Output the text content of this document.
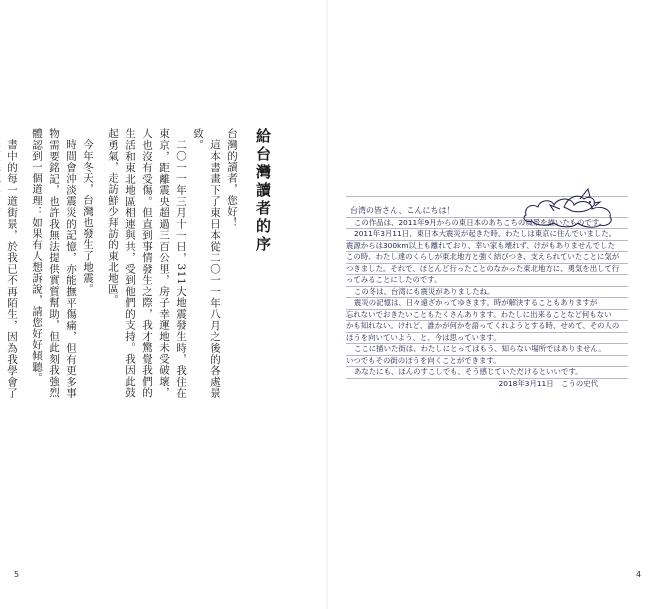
給台灣讀者的序

台灣的讀者，您好！

這本書畫下了東日本從二〇一一年八月之後的各處景致。

二〇一一年三月十一日，311大地震發生時，我住在東京，距離震央超過三百公里，房子幸運地未受破壞，人也沒有受傷。但直到事情發生之際，我才驚覺我們的生活和東北地區相連與共，受到他們的支持。我因此鼓起勇氣，走訪鮮少拜訪的東北地區。

今年冬天，台灣也發生了地震。

時間會沖淡震災的記憶，亦能撫平傷痛，但有更多事物需要銘記，也許我無法提供實質幫助，但此刻我強烈體認到一個道理：如果有人想訴說，請您好好傾聽。

書中的每一道街景，於我已不再陌生，因為我學會了

5
台湾の皆さん、こんにちは！
この作品は、2011年9月からの東日本のあちこちの風景を描いたものです。
2011年3月11日、東日本大震災が起きた時、わたしは東京に住んでいました。
震源からは300km以上も離れており、幸い家も壊れず、けがもありませんでした
この時、わたし達のくらしが東北地方と強く結びつき、支えられていたことに気が
つきました。それで、ほとんど行ったことのなかった東北地方に、勇気を出して行
ってみることにしたのです。
この冬は、台湾にも震災がありましたね。
震災の記憶は、日々遠ざかってゆきます。時が解決することもありますが
忘れないでおきたいこともたくさんあります。わたしに出来ることなど何もない
かも知れない。けれど、誰かが何かを語ってくれようとする時、せめて、その人の
ほうを向いていよう、と、今は思っています。
ここに描いた街は、わたしにとってはもう、知らない場所ではありません。
いつでもその街のほうを向くことができます。
あなたにも、ほんのすこしでも、そう感じていただけるといいです。
2018年3月11日　こうの史代
4
